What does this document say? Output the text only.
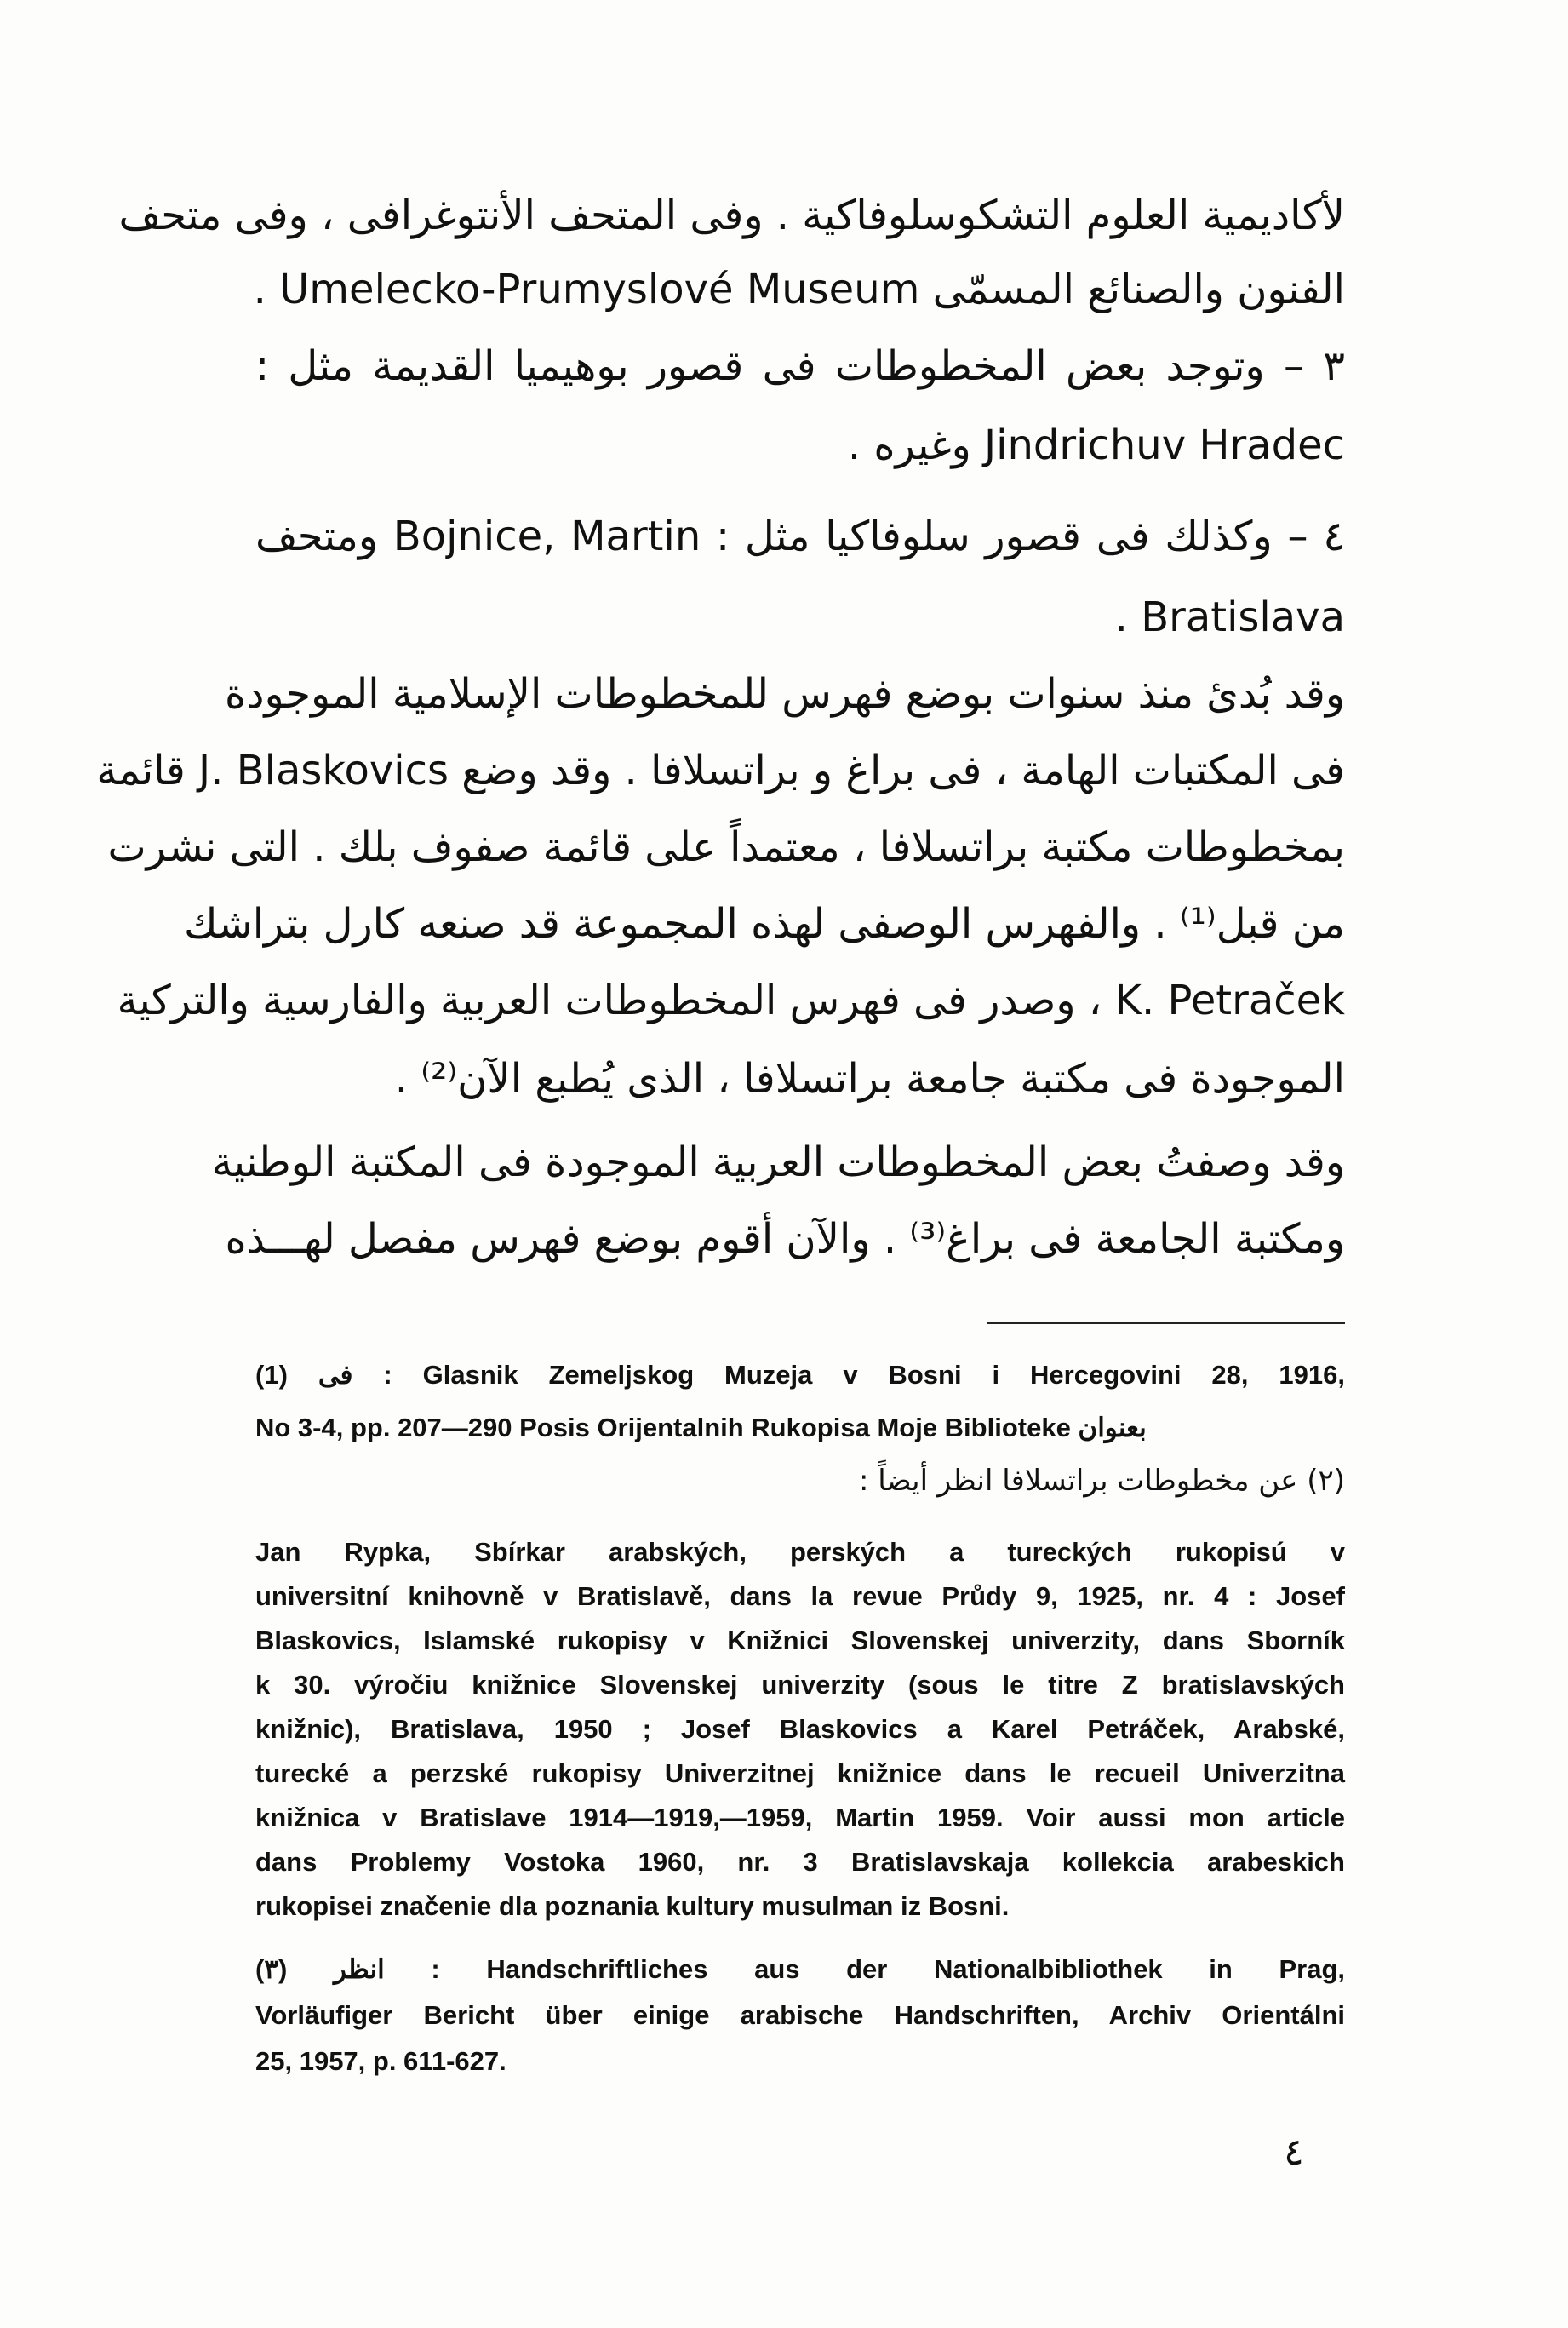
لأكاديمية العلوم التشكوسلوفاكية . وفى المتحف الأنتوغرافى ، وفى متحف
الفنون والصنائع المسمّى Umelecko-Prumyslové Museum .
٣ – وتوجد بعض المخطوطات فى قصور بوهيميا القديمة مثل :
Jindrichuv Hradec وغيره .
٤ – وكذلك فى قصور سلوفاكيا مثل : Bojnice, Martin ومتحف
Bratislava .
وقد بُدئ منذ سنوات بوضع فهرس للمخطوطات الإسلامية الموجودة
فى المكتبات الهامة ، فى براغ و براتسلافا . وقد وضع J. Blaskovics قائمة
بمخطوطات مكتبة براتسلافا ، معتمداً على قائمة صفوف بلك . التى نشرت
من قبل⁽¹⁾ . والفهرس الوصفى لهذه المجموعة قد صنعه كارل بتراشك
K. Petraček ، وصدر فى فهرس المخطوطات العربية والفارسية والتركية
الموجودة فى مكتبة جامعة براتسلافا ، الذى يُطبع الآن⁽²⁾ .
وقد وصفتُ بعض المخطوطات العربية الموجودة فى المكتبة الوطنية
ومكتبة الجامعة فى براغ⁽³⁾ . والآن أقوم بوضع فهرس مفصل لهـــذه
(1) فى : Glasnik Zemeljskog Muzeja v Bosni i Hercegovini 28, 1916,
No 3-4, pp. 207—290 Posis Orijentalnih Rukopisa Moje Biblioteke بعنوان
(٢) عن مخطوطات براتسلافا انظر أيضاً :
Jan Rypka, Sbírkar arabských, perských a tureckých rukopisú v
universitní knihovně v Bratislavě, dans la revue Průdy 9, 1925, nr. 4 : Josef
Blaskovics, Islamské rukopisy v Knižnici Slovenskej univerzity, dans Sborník
k 30. výročiu knižnice Slovenskej univerzity (sous le titre Z bratislavských
knižnic), Bratislava, 1950 ; Josef Blaskovics a Karel Petráček, Arabské,
turecké a perzské rukopisy Univerzitnej knižnice dans le recueil Univerzitna
knižnica v Bratislave 1914—1919,—1959, Martin 1959. Voir aussi mon article
dans Problemy Vostoka 1960, nr. 3 Bratislavskaja kollekcia arabeskich
rukopisei značenie dla poznania kultury musulman iz Bosni.
(٣) انظر : Handschriftliches aus der Nationalbibliothek in Prag,
Vorläufiger Bericht über einige arabische Handschriften, Archiv Orientálni
25, 1957, p. 611-627.
٤
